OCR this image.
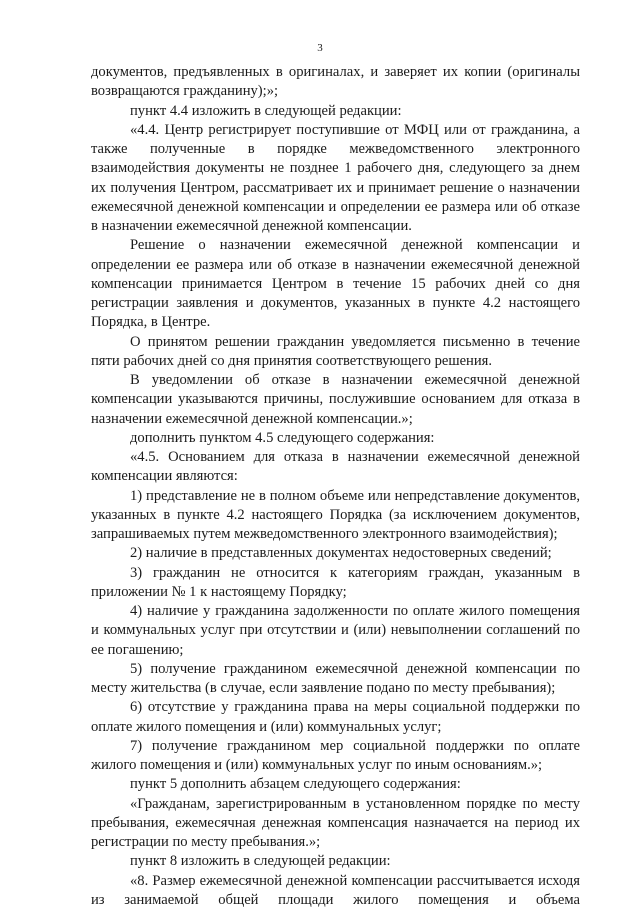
3

документов, предъявленных в оригиналах, и заверяет их копии (оригиналы возвращаются гражданину);»;

пункт 4.4 изложить в следующей редакции:

«4.4. Центр регистрирует поступившие от МФЦ или от гражданина, а также полученные в порядке межведомственного электронного взаимодействия документы не позднее 1 рабочего дня, следующего за днем их получения Центром, рассматривает их и принимает решение о назначении ежемесячной денежной компенсации и определении ее размера или об отказе в назначении ежемесячной денежной компенсации.

Решение о назначении ежемесячной денежной компенсации и определении ее размера или об отказе в назначении ежемесячной денежной компенсации принимается Центром в течение 15 рабочих дней со дня регистрации заявления и документов, указанных в пункте 4.2 настоящего Порядка, в Центре.

О принятом решении гражданин уведомляется письменно в течение пяти рабочих дней со дня принятия соответствующего решения.

В уведомлении об отказе в назначении ежемесячной денежной компенсации указываются причины, послужившие основанием для отказа в назначении ежемесячной денежной компенсации.»;

дополнить пунктом 4.5 следующего содержания:

«4.5. Основанием для отказа в назначении ежемесячной денежной компенсации являются:

1) представление не в полном объеме или непредставление документов, указанных в пункте 4.2 настоящего Порядка (за исключением документов, запрашиваемых путем межведомственного электронного взаимодействия);

2) наличие в представленных документах недостоверных сведений;

3) гражданин не относится к категориям граждан, указанным в приложении № 1 к настоящему Порядку;

4) наличие у гражданина задолженности по оплате жилого помещения и коммунальных услуг при отсутствии и (или) невыполнении соглашений по ее погашению;

5) получение гражданином ежемесячной денежной компенсации по месту жительства (в случае, если заявление подано по месту пребывания);

6) отсутствие у гражданина права на меры социальной поддержки по оплате жилого помещения и (или) коммунальных услуг;

7) получение гражданином мер социальной поддержки по оплате жилого помещения и (или) коммунальных услуг по иным основаниям.»;

пункт 5 дополнить абзацем следующего содержания:

«Гражданам, зарегистрированным в установленном порядке по месту пребывания, ежемесячная денежная компенсация назначается на период их регистрации по месту пребывания.»;

пункт 8 изложить в следующей редакции:

«8. Размер ежемесячной денежной компенсации рассчитывается исходя из занимаемой общей площади жилого помещения и объема
